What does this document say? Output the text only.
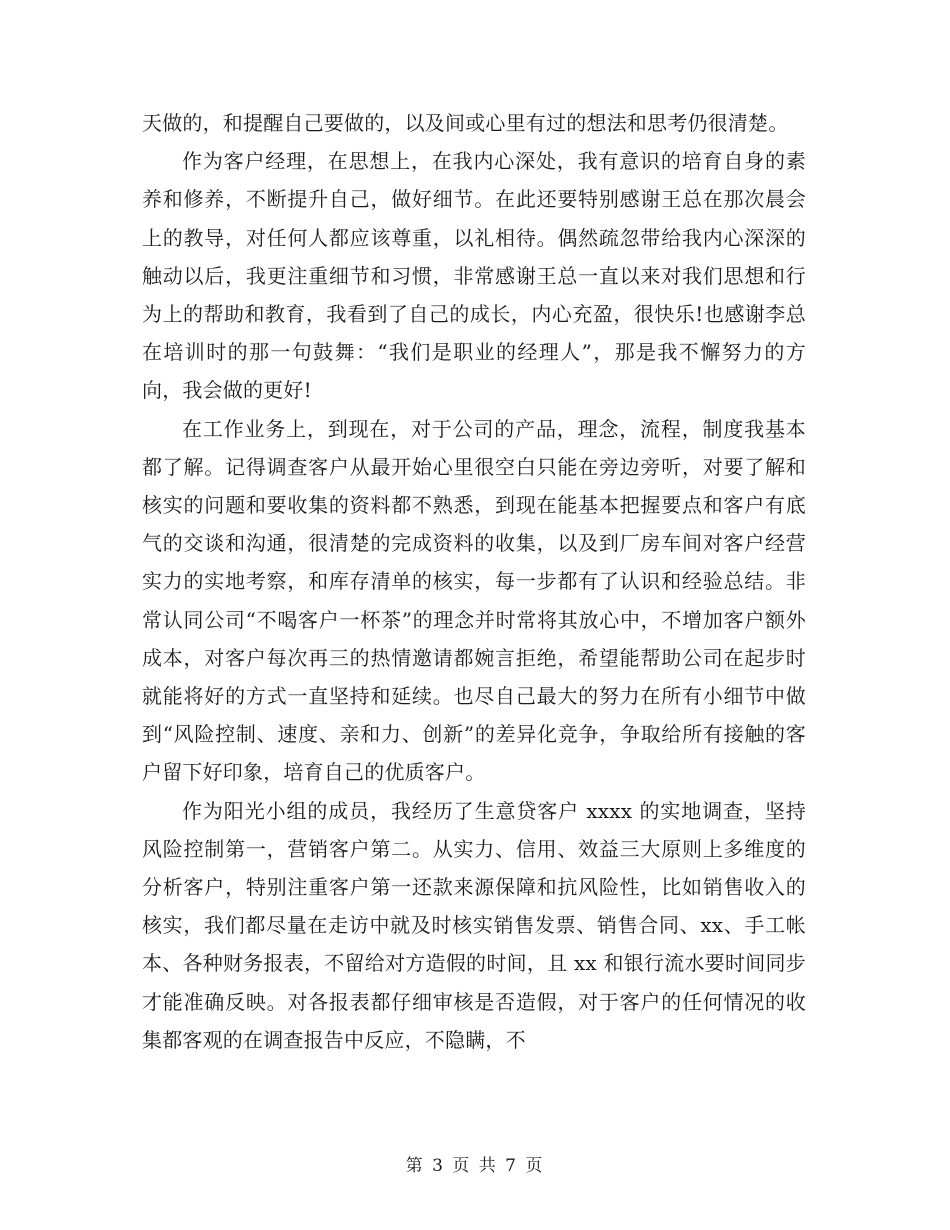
天做的，和提醒自己要做的，以及间或心里有过的想法和思考仍很清楚。

作为客户经理，在思想上，在我内心深处，我有意识的培育自身的素养和修养，不断提升自己，做好细节。在此还要特别感谢王总在那次晨会上的教导，对任何人都应该尊重，以礼相待。偶然疏忽带给我内心深深的触动以后，我更注重细节和习惯，非常感谢王总一直以来对我们思想和行为上的帮助和教育，我看到了自己的成长，内心充盈，很快乐!也感谢李总在培训时的那一句鼓舞：“我们是职业的经理人”，那是我不懈努力的方向，我会做的更好!

在工作业务上，到现在，对于公司的产品，理念，流程，制度我基本都了解。记得调查客户从最开始心里很空白只能在旁边旁听，对要了解和核实的问题和要收集的资料都不熟悉，到现在能基本把握要点和客户有底气的交谈和沟通，很清楚的完成资料的收集，以及到厂房车间对客户经营实力的实地考察，和库存清单的核实，每一步都有了认识和经验总结。非常认同公司“不喝客户一杯茶”的理念并时常将其放心中，不增加客户额外成本，对客户每次再三的热情邀请都婉言拒绝，希望能帮助公司在起步时就能将好的方式一直坚持和延续。也尽自己最大的努力在所有小细节中做到“风险控制、速度、亲和力、创新”的差异化竞争，争取给所有接触的客户留下好印象，培育自己的优质客户。

作为阳光小组的成员，我经历了生意贷客户 xxxx 的实地调查，坚持风险控制第一，营销客户第二。从实力、信用、效益三大原则上多维度的分析客户，特别注重客户第一还款来源保障和抗风险性，比如销售收入的核实，我们都尽量在走访中就及时核实销售发票、销售合同、xx、手工帐本、各种财务报表，不留给对方造假的时间，且 xx 和银行流水要时间同步才能准确反映。对各报表都仔细审核是否造假，对于客户的任何情况的收集都客观的在调查报告中反应，不隐瞒，不

第 3 页 共 7 页
